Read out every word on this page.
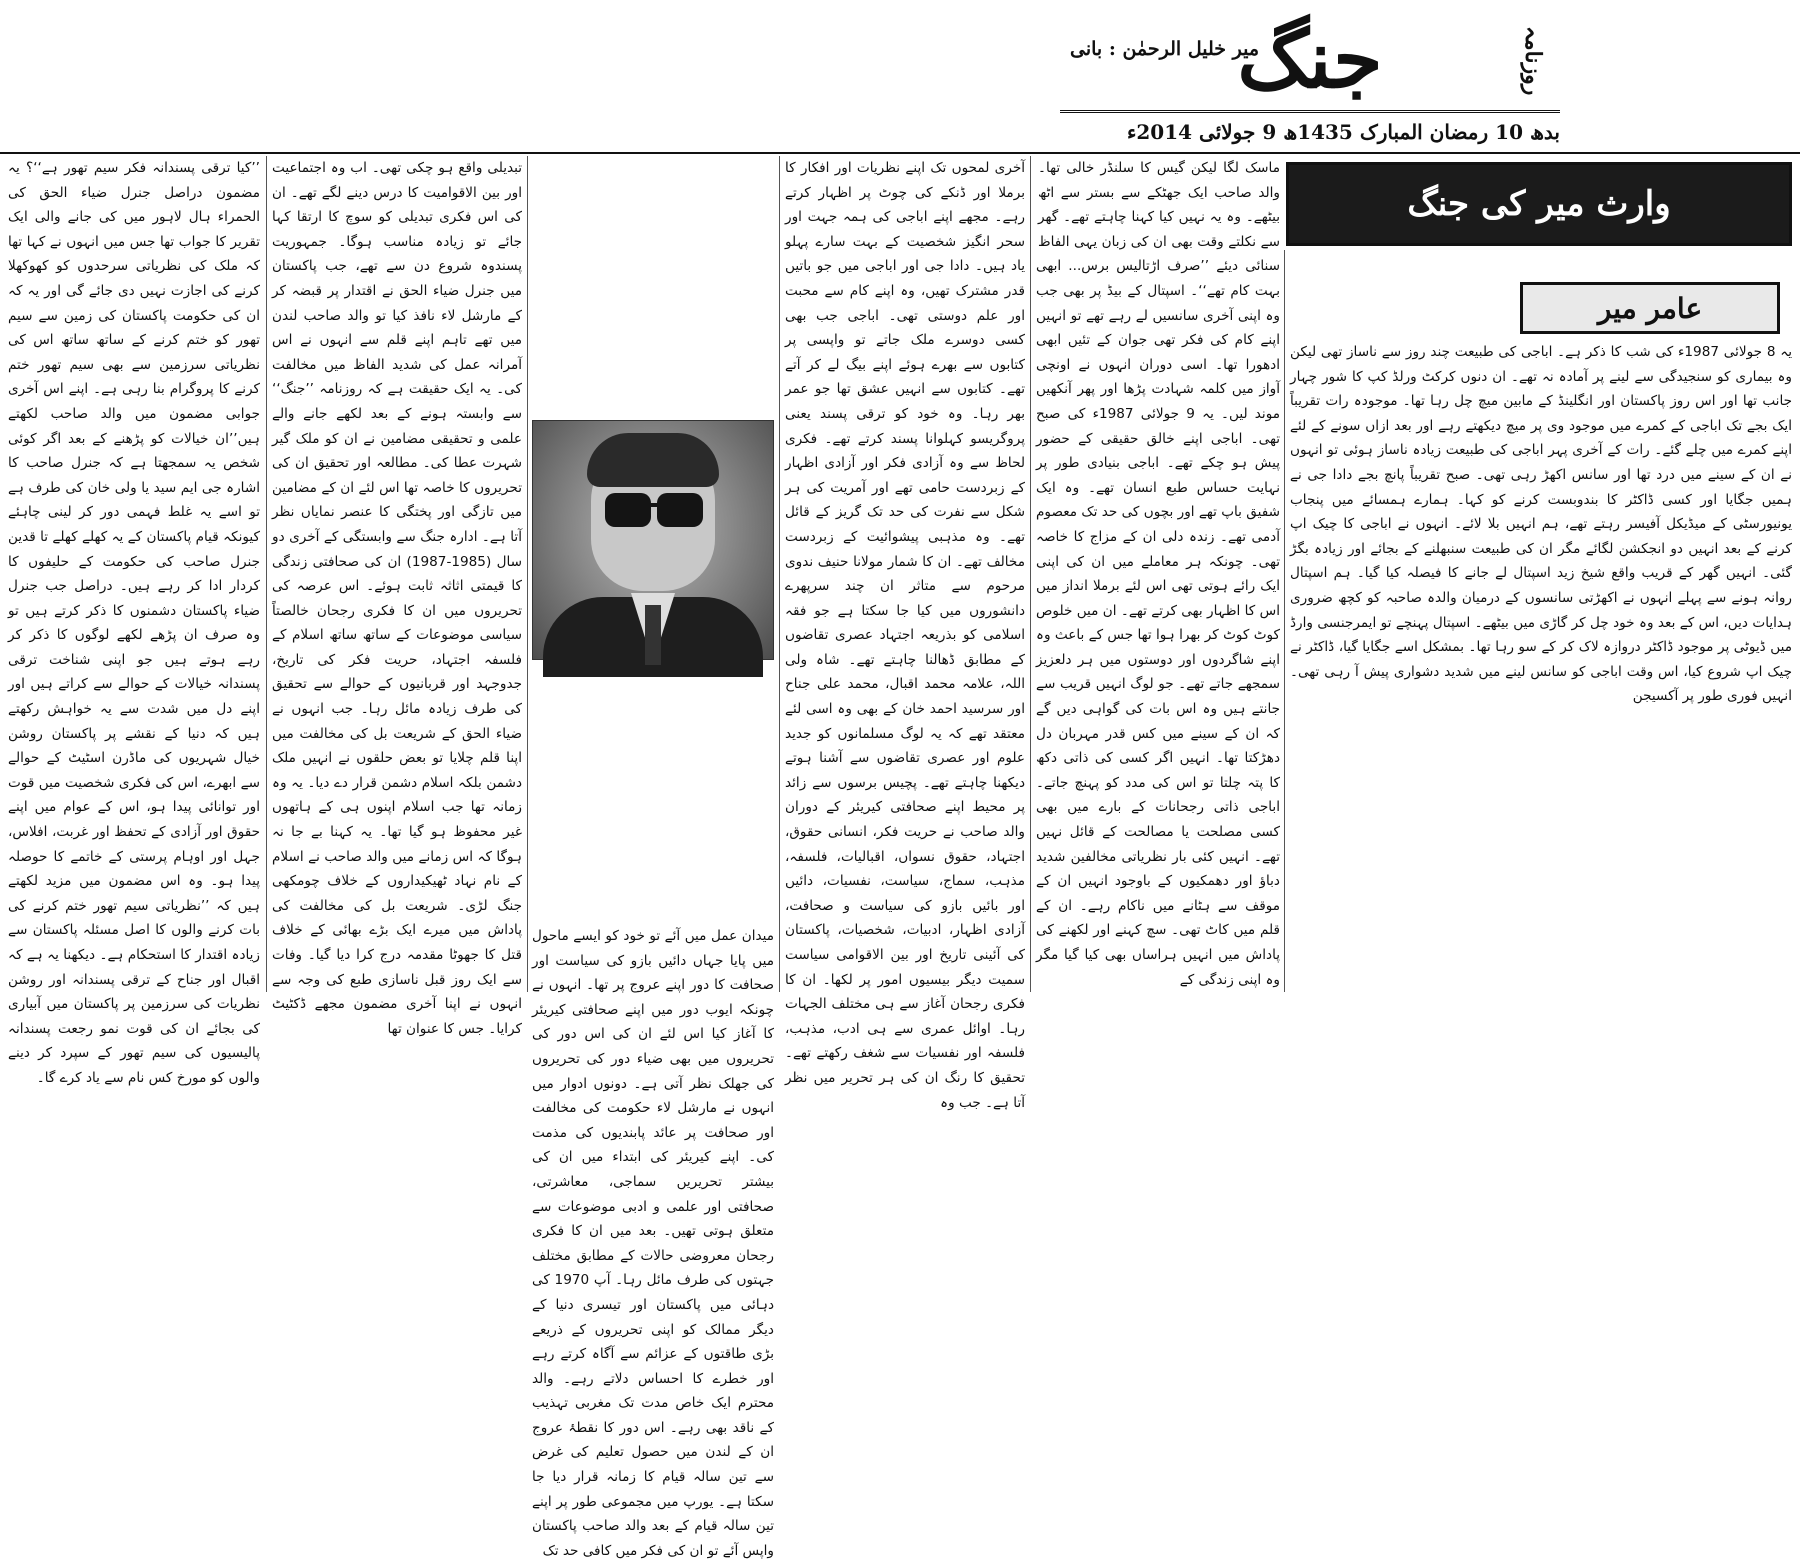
جنگ	روزنامہ
میر خلیل الرحمٰن : بانی
بدھ 10 رمضان المبارک 1435ھ 9 جولائی 2014ء

’’کیا ترقی پسندانہ فکر سیم تھور ہے‘‘؟ یہ مضمون دراصل جنرل ضیاء الحق کی الحمراء ہال لاہور میں کی جانے والی ایک تقریر کا جواب تھا جس میں انہوں نے کہا تھا کہ ملک کی نظریاتی سرحدوں کو کھوکھلا کرنے کی اجازت نہیں دی جائے گی اور یہ کہ ان کی حکومت پاکستان کی زمین سے سیم تھور کو ختم کرنے کے ساتھ ساتھ اس کی نظریاتی سرزمین سے بھی سیم تھور ختم کرنے کا پروگرام بنا رہی ہے۔ اپنے اس آخری جوابی مضمون میں والد صاحب لکھتے ہیں’’ان خیالات کو پڑھنے کے بعد اگر کوئی شخص یہ سمجھتا ہے کہ جنرل صاحب کا اشارہ جی ایم سید یا ولی خان کی طرف ہے تو اسے یہ غلط فہمی دور کر لینی چاہئے کیونکہ قیام پاکستان کے یہ کھلے کھلے تا قدین جنرل صاحب کی حکومت کے حلیفوں کا کردار ادا کر رہے ہیں۔ دراصل جب جنرل ضیاء پاکستان دشمنوں کا ذکر کرتے ہیں تو وہ صرف ان پڑھے لکھے لوگوں کا ذکر کر رہے ہوتے ہیں جو اپنی شناخت ترقی پسندانہ خیالات کے حوالے سے کراتے ہیں اور اپنے دل میں شدت سے یہ خواہش رکھتے ہیں کہ دنیا کے نقشے پر پاکستان روشن خیال شہریوں کی ماڈرن اسٹیٹ کے حوالے سے ابھرے، اس کی فکری شخصیت میں قوت اور توانائی پیدا ہو، اس کے عوام میں اپنے حقوق اور آزادی کے تحفظ اور غربت، افلاس، جہل اور اوہام پرستی کے خاتمے کا حوصلہ پیدا ہو۔ وہ اس مضمون میں مزید لکھتے ہیں کہ ’’نظریاتی سیم تھور ختم کرنے کی بات کرنے والوں کا اصل مسئلہ پاکستان سے زیادہ اقتدار کا استحکام ہے۔ دیکھنا یہ ہے کہ اقبال اور جناح کے ترقی پسندانہ اور روشن نظریات کی سرزمین پر پاکستان میں آبیاری کی بجائے ان کی قوت نمو رجعت پسندانہ پالیسیوں کی سیم تھور کے سپرد کر دینے والوں کو مورخ کس نام سے یاد کرے گا۔

تبدیلی واقع ہو چکی تھی۔ اب وہ اجتماعیت اور بین الاقوامیت کا درس دینے لگے تھے۔ ان کی اس فکری تبدیلی کو سوچ کا ارتقا کہا جائے تو زیادہ مناسب ہوگا۔ جمہوریت پسندوہ شروع دن سے تھے، جب پاکستان میں جنرل ضیاء الحق نے اقتدار پر قبضہ کر کے مارشل لاء نافذ کیا تو والد صاحب لندن میں تھے تاہم اپنے قلم سے انہوں نے اس آمرانہ عمل کی شدید الفاظ میں مخالفت کی۔ یہ ایک حقیقت ہے کہ روزنامہ ’’جنگ‘‘ سے وابستہ ہونے کے بعد لکھے جانے والے علمی و تحقیقی مضامین نے ان کو ملک گیر شہرت عطا کی۔ مطالعہ اور تحقیق ان کی تحریروں کا خاصہ تھا اس لئے ان کے مضامین میں تازگی اور پختگی کا عنصر نمایاں نظر آتا ہے۔ ادارہ جنگ سے وابستگی کے آخری دو سال (1985-1987) ان کی صحافتی زندگی کا قیمتی اثاثہ ثابت ہوئے۔ اس عرصہ کی تحریروں میں ان کا فکری رجحان خالصتاً سیاسی موضوعات کے ساتھ ساتھ اسلام کے فلسفہ اجتہاد، حریت فکر کی تاریخ، جدوجہد اور قربانیوں کے حوالے سے تحقیق کی طرف زیادہ مائل رہا۔ جب انہوں نے ضیاء الحق کے شریعت بل کی مخالفت میں اپنا قلم چلایا تو بعض حلقوں نے انہیں ملک دشمن بلکہ اسلام دشمن قرار دے دیا۔ یہ وہ زمانہ تھا جب اسلام اپنوں ہی کے ہاتھوں غیر محفوظ ہو گیا تھا۔ یہ کہنا بے جا نہ ہوگا کہ اس زمانے میں والد صاحب نے اسلام کے نام نہاد ٹھیکیداروں کے خلاف چومکھی جنگ لڑی۔ شریعت بل کی مخالفت کی پاداش میں میرے ایک بڑے بھائی کے خلاف قتل کا جھوٹا مقدمہ درج کرا دیا گیا۔ وفات سے ایک روز قبل ناسازی طبع کی وجہ سے انہوں نے اپنا آخری مضمون مجھے ڈکٹیٹ کرایا۔ جس کا عنوان تھا

میدان عمل میں آئے تو خود کو ایسے ماحول میں پایا جہاں دائیں بازو کی سیاست اور صحافت کا دور اپنے عروج پر تھا۔ انہوں نے چونکہ ایوب دور میں اپنے صحافتی کیریئر کا آغاز کیا اس لئے ان کی اس دور کی تحریروں میں بھی ضیاء دور کی تحریروں کی جھلک نظر آتی ہے۔ دونوں ادوار میں انہوں نے مارشل لاء حکومت کی مخالفت اور صحافت پر عائد پابندیوں کی مذمت کی۔ اپنے کیریئر کی ابتداء میں ان کی بیشتر تحریریں سماجی، معاشرتی، صحافتی اور علمی و ادبی موضوعات سے متعلق ہوتی تھیں۔ بعد میں ان کا فکری رجحان معروضی حالات کے مطابق مختلف جہتوں کی طرف مائل رہا۔ آپ 1970 کی دہائی میں پاکستان اور تیسری دنیا کے دیگر ممالک کو اپنی تحریروں کے ذریعے بڑی طاقتوں کے عزائم سے آگاہ کرتے رہے اور خطرے کا احساس دلاتے رہے۔ والد محترم ایک خاص مدت تک مغربی تہذیب کے ناقد بھی رہے۔ اس دور کا نقطۂ عروج ان کے لندن میں حصول تعلیم کی غرض سے تین سالہ قیام کا زمانہ قرار دیا جا سکتا ہے۔ یورپ میں مجموعی طور پر اپنے تین سالہ قیام کے بعد والد صاحب پاکستان واپس آئے تو ان کی فکر میں کافی حد تک

آخری لمحوں تک اپنے نظریات اور افکار کا برملا اور ڈنکے کی چوٹ پر اظہار کرتے رہے۔ مجھے اپنے اباجی کی ہمہ جہت اور سحر انگیز شخصیت کے بہت سارے پہلو یاد ہیں۔ دادا جی اور اباجی میں جو باتیں قدر مشترک تھیں، وہ اپنے کام سے محبت اور علم دوستی تھی۔ اباجی جب بھی کسی دوسرے ملک جاتے تو واپسی پر کتابوں سے بھرے ہوئے اپنے بیگ لے کر آتے تھے۔ کتابوں سے انہیں عشق تھا جو عمر بھر رہا۔ وہ خود کو ترقی پسند یعنی پروگریسو کہلوانا پسند کرتے تھے۔ فکری لحاظ سے وہ آزادی فکر اور آزادی اظہار کے زبردست حامی تھے اور آمریت کی ہر شکل سے نفرت کی حد تک گریز کے قائل تھے۔ وہ مذہبی پیشوائیت کے زبردست مخالف تھے۔ ان کا شمار مولانا حنیف ندوی مرحوم سے متاثر ان چند سرپھرے دانشوروں میں کیا جا سکتا ہے جو فقہ اسلامی کو بذریعہ اجتہاد عصری تقاضوں کے مطابق ڈھالنا چاہتے تھے۔ شاہ ولی اللہ، علامہ محمد اقبال، محمد علی جناح اور سرسید احمد خان کے بھی وہ اسی لئے معتقد تھے کہ یہ لوگ مسلمانوں کو جدید علوم اور عصری تقاضوں سے آشنا ہوتے دیکھنا چاہتے تھے۔ پچیس برسوں سے زائد پر محیط اپنے صحافتی کیریئر کے دوران والد صاحب نے حریت فکر، انسانی حقوق، اجتہاد، حقوق نسواں، اقبالیات، فلسفہ، مذہب، سماج، سیاست، نفسیات، دائیں اور بائیں بازو کی سیاست و صحافت، آزادی اظہار، ادبیات، شخصیات، پاکستان کی آئینی تاریخ اور بین الاقوامی سیاست سمیت دیگر بیسیوں امور پر لکھا۔ ان کا فکری رجحان آغاز سے ہی مختلف الجہات رہا۔ اوائل عمری سے ہی ادب، مذہب، فلسفہ اور نفسیات سے شغف رکھتے تھے۔ تحقیق کا رنگ ان کی ہر تحریر میں نظر آتا ہے۔ جب وہ

ماسک لگا لیکن گیس کا سلنڈر خالی تھا۔ والد صاحب ایک جھٹکے سے بستر سے اٹھ بیٹھے۔ وہ یہ نہیں کیا کہنا چاہتے تھے۔ گھر سے نکلتے وقت بھی ان کی زبان یہی الفاظ سنائی دیئے ’’صرف اڑتالیس برس... ابھی بہت کام تھے‘‘۔ اسپتال کے بیڈ پر بھی جب وہ اپنی آخری سانسیں لے رہے تھے تو انہیں اپنے کام کی فکر تھی جوان کے تئیں ابھی ادھورا تھا۔ اسی دوران انہوں نے اونچی آواز میں کلمہ شہادت پڑھا اور پھر آنکھیں موند لیں۔ یہ 9 جولائی 1987ء کی صبح تھی۔ اباجی اپنے خالق حقیقی کے حضور پیش ہو چکے تھے۔ اباجی بنیادی طور پر نہایت حساس طبع انسان تھے۔ وہ ایک شفیق باپ تھے اور بچوں کی حد تک معصوم آدمی تھے۔ زندہ دلی ان کے مزاج کا خاصہ تھی۔ چونکہ ہر معاملے میں ان کی اپنی ایک رائے ہوتی تھی اس لئے برملا انداز میں اس کا اظہار بھی کرتے تھے۔ ان میں خلوص کوٹ کوٹ کر بھرا ہوا تھا جس کے باعث وہ اپنے شاگردوں اور دوستوں میں ہر دلعزیز سمجھے جاتے تھے۔ جو لوگ انہیں قریب سے جانتے ہیں وہ اس بات کی گواہی دیں گے کہ ان کے سینے میں کس قدر مہربان دل دھڑکتا تھا۔ انہیں اگر کسی کی ذاتی دکھ کا پتہ چلتا تو اس کی مدد کو پہنچ جاتے۔ اباجی ذاتی رجحانات کے بارے میں بھی کسی مصلحت یا مصالحت کے قائل نہیں تھے۔ انہیں کئی بار نظریاتی مخالفین شدید دباؤ اور دھمکیوں کے باوجود انہیں ان کے موقف سے ہٹانے میں ناکام رہے۔ ان کے قلم میں کاٹ تھی۔ سچ کہنے اور لکھنے کی پاداش میں انہیں ہراساں بھی کیا گیا مگر وہ اپنی زندگی کے

وارث میر کی جنگ
عامر میر

یہ 8 جولائی 1987ء کی شب کا ذکر ہے۔ اباجی کی طبیعت چند روز سے ناساز تھی لیکن وہ بیماری کو سنجیدگی سے لینے پر آمادہ نہ تھے۔ ان دنوں کرکٹ ورلڈ کپ کا شور چہار جانب تھا اور اس روز پاکستان اور انگلینڈ کے مابین میچ چل رہا تھا۔ موجودہ رات تقریباً ایک بجے تک اباجی کے کمرے میں موجود وی پر میچ دیکھتے رہے اور بعد ازاں سونے کے لئے اپنے کمرے میں چلے گئے۔ رات کے آخری پہر اباجی کی طبیعت زیادہ ناساز ہوئی تو انہوں نے ان کے سینے میں درد تھا اور سانس اکھڑ رہی تھی۔ صبح تقریباً پانچ بجے دادا جی نے ہمیں جگایا اور کسی ڈاکٹر کا بندوبست کرنے کو کہا۔ ہمارے ہمسائے میں پنجاب یونیورسٹی کے میڈیکل آفیسر رہتے تھے، ہم انہیں بلا لائے۔ انہوں نے اباجی کا چیک اپ کرنے کے بعد انہیں دو انجکشن لگائے مگر ان کی طبیعت سنبھلنے کے بجائے اور زیادہ بگڑ گئی۔ انہیں گھر کے قریب واقع شیخ زید اسپتال لے جانے کا فیصلہ کیا گیا۔ ہم اسپتال روانہ ہونے سے پہلے انہوں نے اکھڑتی سانسوں کے درمیان والدہ صاحبہ کو کچھ ضروری ہدایات دیں، اس کے بعد وہ خود چل کر گاڑی میں بیٹھے۔ اسپتال پہنچے تو ایمرجنسی وارڈ میں ڈیوٹی پر موجود ڈاکٹر دروازہ لاک کر کے سو رہا تھا۔ بمشکل اسے جگایا گیا، ڈاکٹر نے چیک اپ شروع کیا، اس وقت اباجی کو سانس لینے میں شدید دشواری پیش آ رہی تھی۔ انہیں فوری طور پر آکسیجن
